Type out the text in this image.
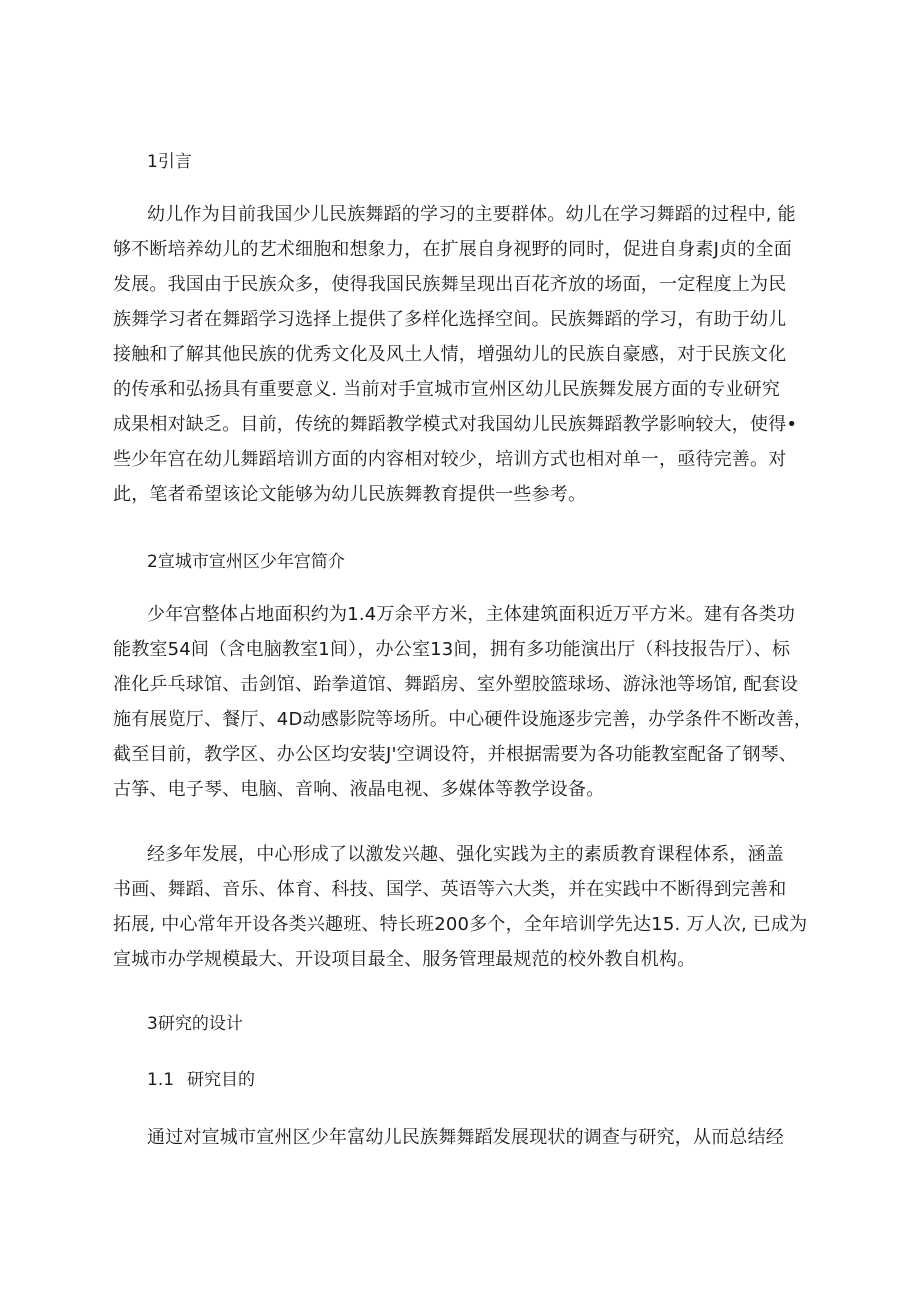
1引言
幼儿作为目前我国少儿民族舞蹈的学习的主要群体。幼儿在学习舞蹈的过程中, 能
够不断培养幼儿的艺术细胞和想象力，在扩展自身视野的同时，促进自身素J贞的全面
发展。我国由于民族众多，使得我国民族舞呈现出百花齐放的场面，一定程度上为民
族舞学习者在舞蹈学习选择上提供了多样化选择空间。民族舞蹈的学习，有助于幼儿
接触和了解其他民族的优秀文化及风土人情，增强幼儿的民族自豪感，对于民族文化
的传承和弘扬具有重要意义. 当前对手宣城市宣州区幼儿民族舞发展方面的专业研究
成果相对缺乏。目前，传统的舞蹈教学模式对我国幼儿民族舞蹈教学影响较大，使得•
些少年宫在幼儿舞蹈培训方面的内容相对较少，培训方式也相对单一，亟待完善。对
此，笔者希望该论文能够为幼儿民族舞教育提供一些参考。
2宣城市宣州区少年宫简介
少年宫整体占地面积约为1.4万余平方米，主体建筑面积近万平方米。建有各类功
能教室54间（含电脑教室1间），办公室13间，拥有多功能演出厅（科技报告厅）、标
准化乒乓球馆、击剑馆、跆拳道馆、舞蹈房、室外塑胶篮球场、游泳池等场馆, 配套设
施有展览厅、餐厅、4D动感影院等场所。中心硬件设施逐步完善，办学条件不断改善，
截至目前，教学区、办公区均安装J'空调设符，并根据需要为各功能教室配备了钢琴、
古筝、电子琴、电脑、音响、液晶电视、多媒体等教学设备。
经多年发展，中心形成了以激发兴趣、强化实践为主的素质教育课程体系，涵盖
书画、舞蹈、音乐、体育、科技、国学、英语等六大类，并在实践中不断得到完善和
拓展, 中心常年开设各类兴趣班、特长班200多个，全年培训学先达15. 万人次, 已成为
宣城市办学规模最大、开设项目最全、服务管理最规范的校外教自机构。
3研究的设计
1.1 研究目的
通过对宣城市宣州区少年富幼儿民族舞舞蹈发展现状的调查与研究，从而总结经
